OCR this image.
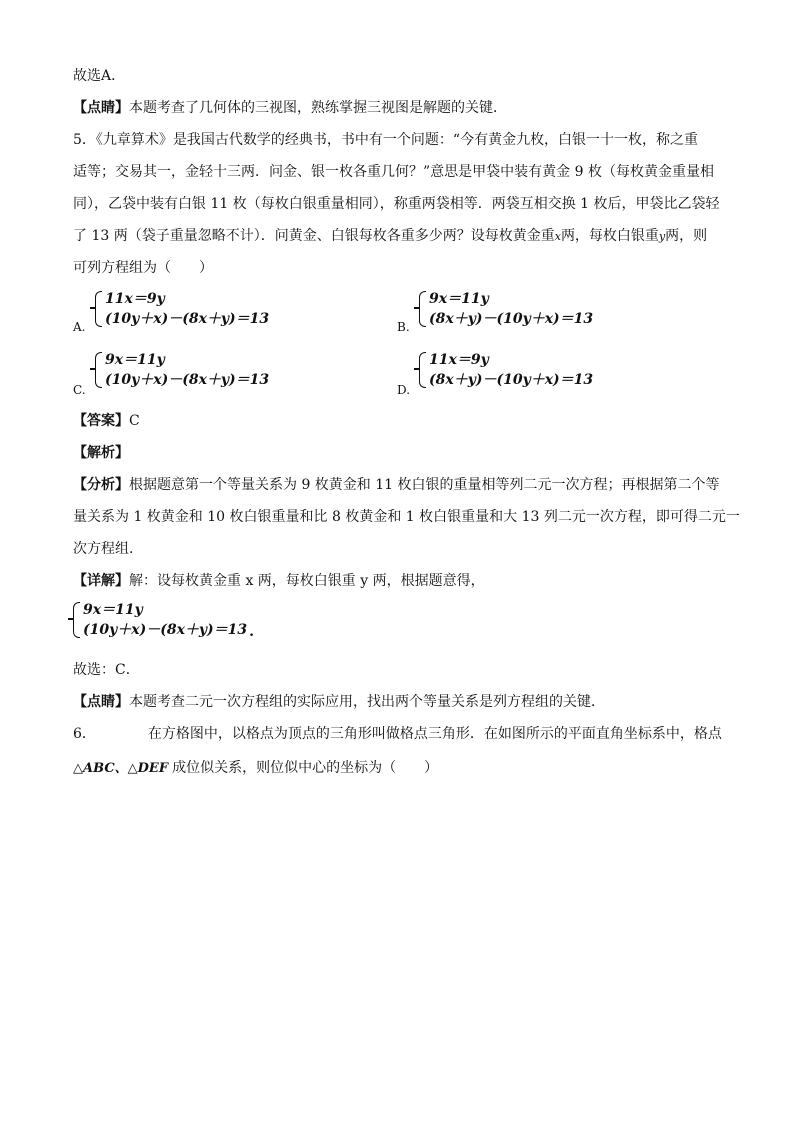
故选A．
【点睛】本题考查了几何体的三视图，熟练掌握三视图是解题的关键．
5．《九章算术》是我国古代数学的经典书，书中有一个问题：“今有黄金九枚，白银一十一枚，称之重
适等；交易其一，金轻十三两．问金、银一枚各重几何？”意思是甲袋中装有黄金 9 枚（每枚黄金重量相
同），乙袋中装有白银 11 枚（每枚白银重量相同），称重两袋相等．两袋互相交换 1 枚后，甲袋比乙袋轻
了 13 两（袋子重量忽略不计）．问黄金、白银每枚各重多少两？设每枚黄金重x两，每枚白银重y两，则
可列方程组为（　　）
A.
11x＝9y
(10y＋x)－(8x＋y)＝13	B.
9x＝11y
(8x＋y)－(10y＋x)＝13
C.
9x＝11y
(10y＋x)－(8x＋y)＝13
D.
11x＝9y
(8x＋y)－(10y＋x)＝13
【答案】C
【解析】
【分析】根据题意第一个等量关系为 9 枚黄金和 11 枚白银的重量相等列二元一次方程；再根据第二个等
量关系为 1 枚黄金和 10 枚白银重量和比 8 枚黄金和 1 枚白银重量和大 13 列二元一次方程，即可得二元一
次方程组．
【详解】解：设每枚黄金重 x 两，每枚白银重 y 两，根据题意得，
9x＝11y
(10y＋x)－(8x＋y)＝13 .
故选：C．
【点睛】本题考查二元一次方程组的实际应用，找出两个等量关系是列方程组的关键．
6．	在方格图中，以格点为顶点的三角形叫做格点三角形．在如图所示的平面直角坐标系中，格点
△ABC、△DEF 成位似关系，则位似中心的坐标为（　　）
